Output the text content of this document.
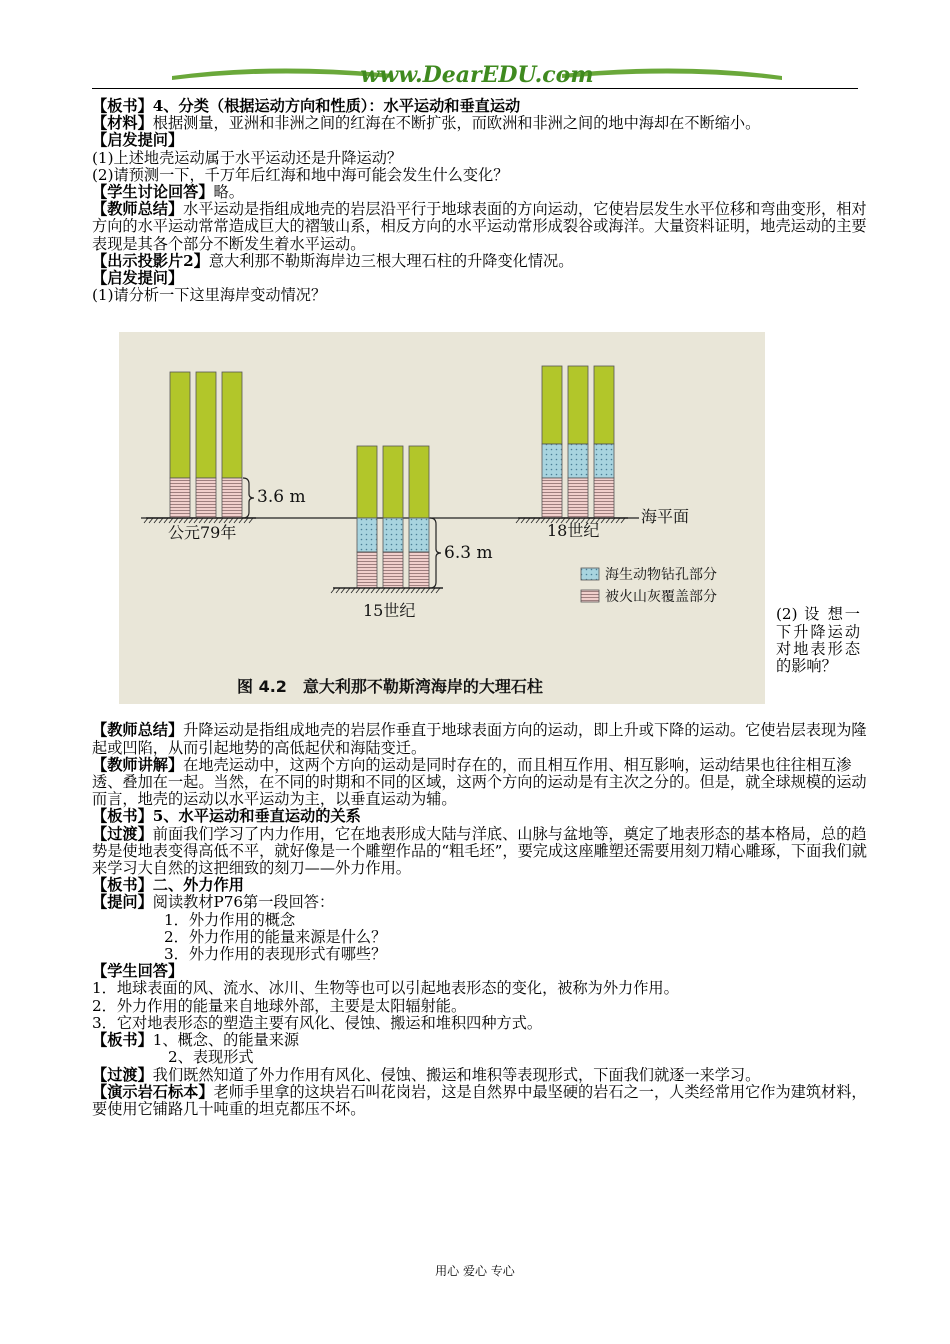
www.DearEDU.com

【板书】4、分类（根据运动方向和性质）：水平运动和垂直运动

【材料】根据测量，亚洲和非洲之间的红海在不断扩张，而欧洲和非洲之间的地中海却在不断缩小。

【启发提问】

(1)上述地壳运动属于水平运动还是升降运动？

(2)请预测一下，千万年后红海和地中海可能会发生什么变化？

【学生讨论回答】略。

【教师总结】水平运动是指组成地壳的岩层沿平行于地球表面的方向运动，它使岩层发生水平位移和弯曲变形，相对方向的水平运动常常造成巨大的褶皱山系，相反方向的水平运动常形成裂谷或海洋。大量资料证明，地壳运动的主要表现是其各个部分不断发生着水平运动。

【出示投影片2】意大利那不勒斯海岸边三根大理石柱的升降变化情况。

【启发提问】

(1)请分析一下这里海岸变动情况？

3.6 m
6.3 m
公元79年
15世纪
18世纪
海平面
海生动物钻孔部分
被火山灰覆盖部分
图 4.2　意大利那不勒斯湾海岸的大理石柱
(2) 设 想一下升降运动对地表形态的影响？

【教师总结】升降运动是指组成地壳的岩层作垂直于地球表面方向的运动，即上升或下降的运动。它使岩层表现为隆起或凹陷，从而引起地势的高低起伏和海陆变迁。

【教师讲解】在地壳运动中，这两个方向的运动是同时存在的，而且相互作用、相互影响，运动结果也往往相互渗透、叠加在一起。当然，在不同的时期和不同的区域，这两个方向的运动是有主次之分的。但是，就全球规模的运动而言，地壳的运动以水平运动为主，以垂直运动为辅。

【板书】5、水平运动和垂直运动的关系

【过渡】前面我们学习了内力作用，它在地表形成大陆与洋底、山脉与盆地等，奠定了地表形态的基本格局，总的趋势是使地表变得高低不平，就好像是一个雕塑作品的“粗毛坯”，要完成这座雕塑还需要用刻刀精心雕琢，下面我们就来学习大自然的这把细致的刻刀——外力作用。

【板书】二、外力作用

【提问】阅读教材P76第一段回答：

1．外力作用的概念

2．外力作用的能量来源是什么？

3．外力作用的表现形式有哪些？

【学生回答】

1．地球表面的风、流水、冰川、生物等也可以引起地表形态的变化，被称为外力作用。

2．外力作用的能量来自地球外部，主要是太阳辐射能。

3．它对地表形态的塑造主要有风化、侵蚀、搬运和堆积四种方式。

【板书】1、概念、的能量来源

2、表现形式

【过渡】我们既然知道了外力作用有风化、侵蚀、搬运和堆积等表现形式，下面我们就逐一来学习。

【演示岩石标本】老师手里拿的这块岩石叫花岗岩，这是自然界中最坚硬的岩石之一，人类经常用它作为建筑材料，要使用它铺路几十吨重的坦克都压不坏。

用心 爱心 专心
